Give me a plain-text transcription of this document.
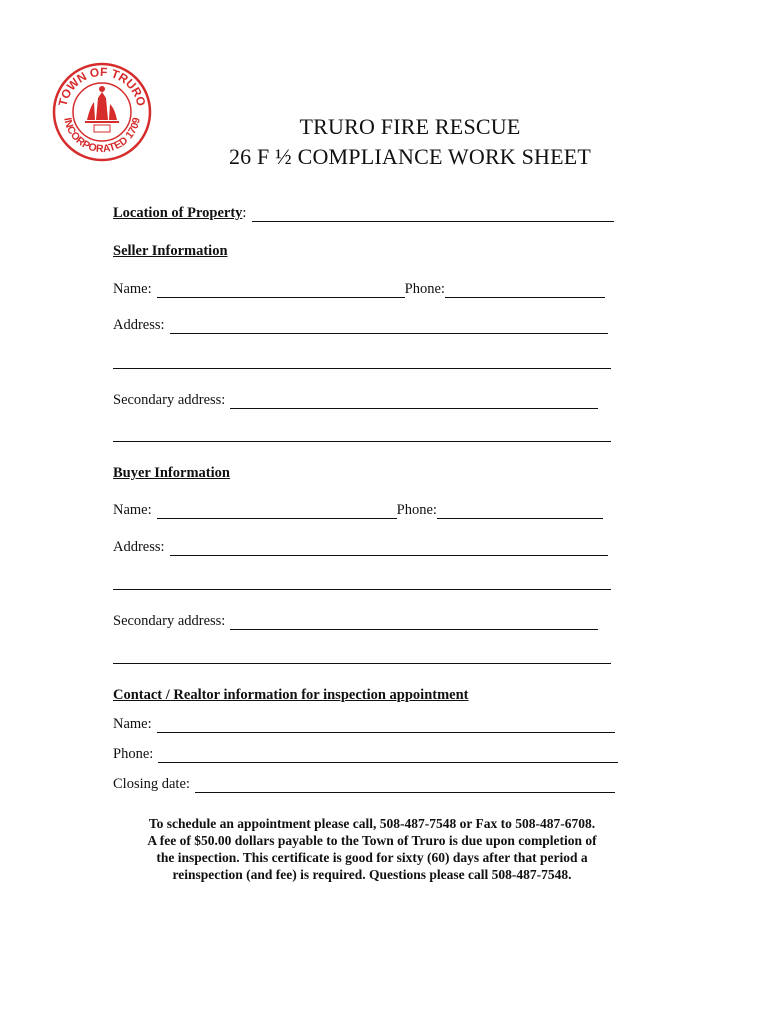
TOWN OF TRURO
INCORPORATED 1709	TRURO FIRE RESCUE
26 F ½ COMPLIANCE WORK SHEET
Location of Property :
Seller Information
Name:	Phone:
Address:
Secondary address:
Buyer Information
Name:	Phone:
Address:
Secondary address:
Contact / Realtor information for inspection appointment
Name:
Phone:
Closing date:
To schedule an appointment please call, 508-487-7548 or Fax to 508-487-6708.
A fee of $50.00 dollars payable to the Town of Truro is due upon completion of
the inspection. This certificate is good for sixty (60) days after that period a
reinspection (and fee) is required. Questions please call 508-487-7548.
